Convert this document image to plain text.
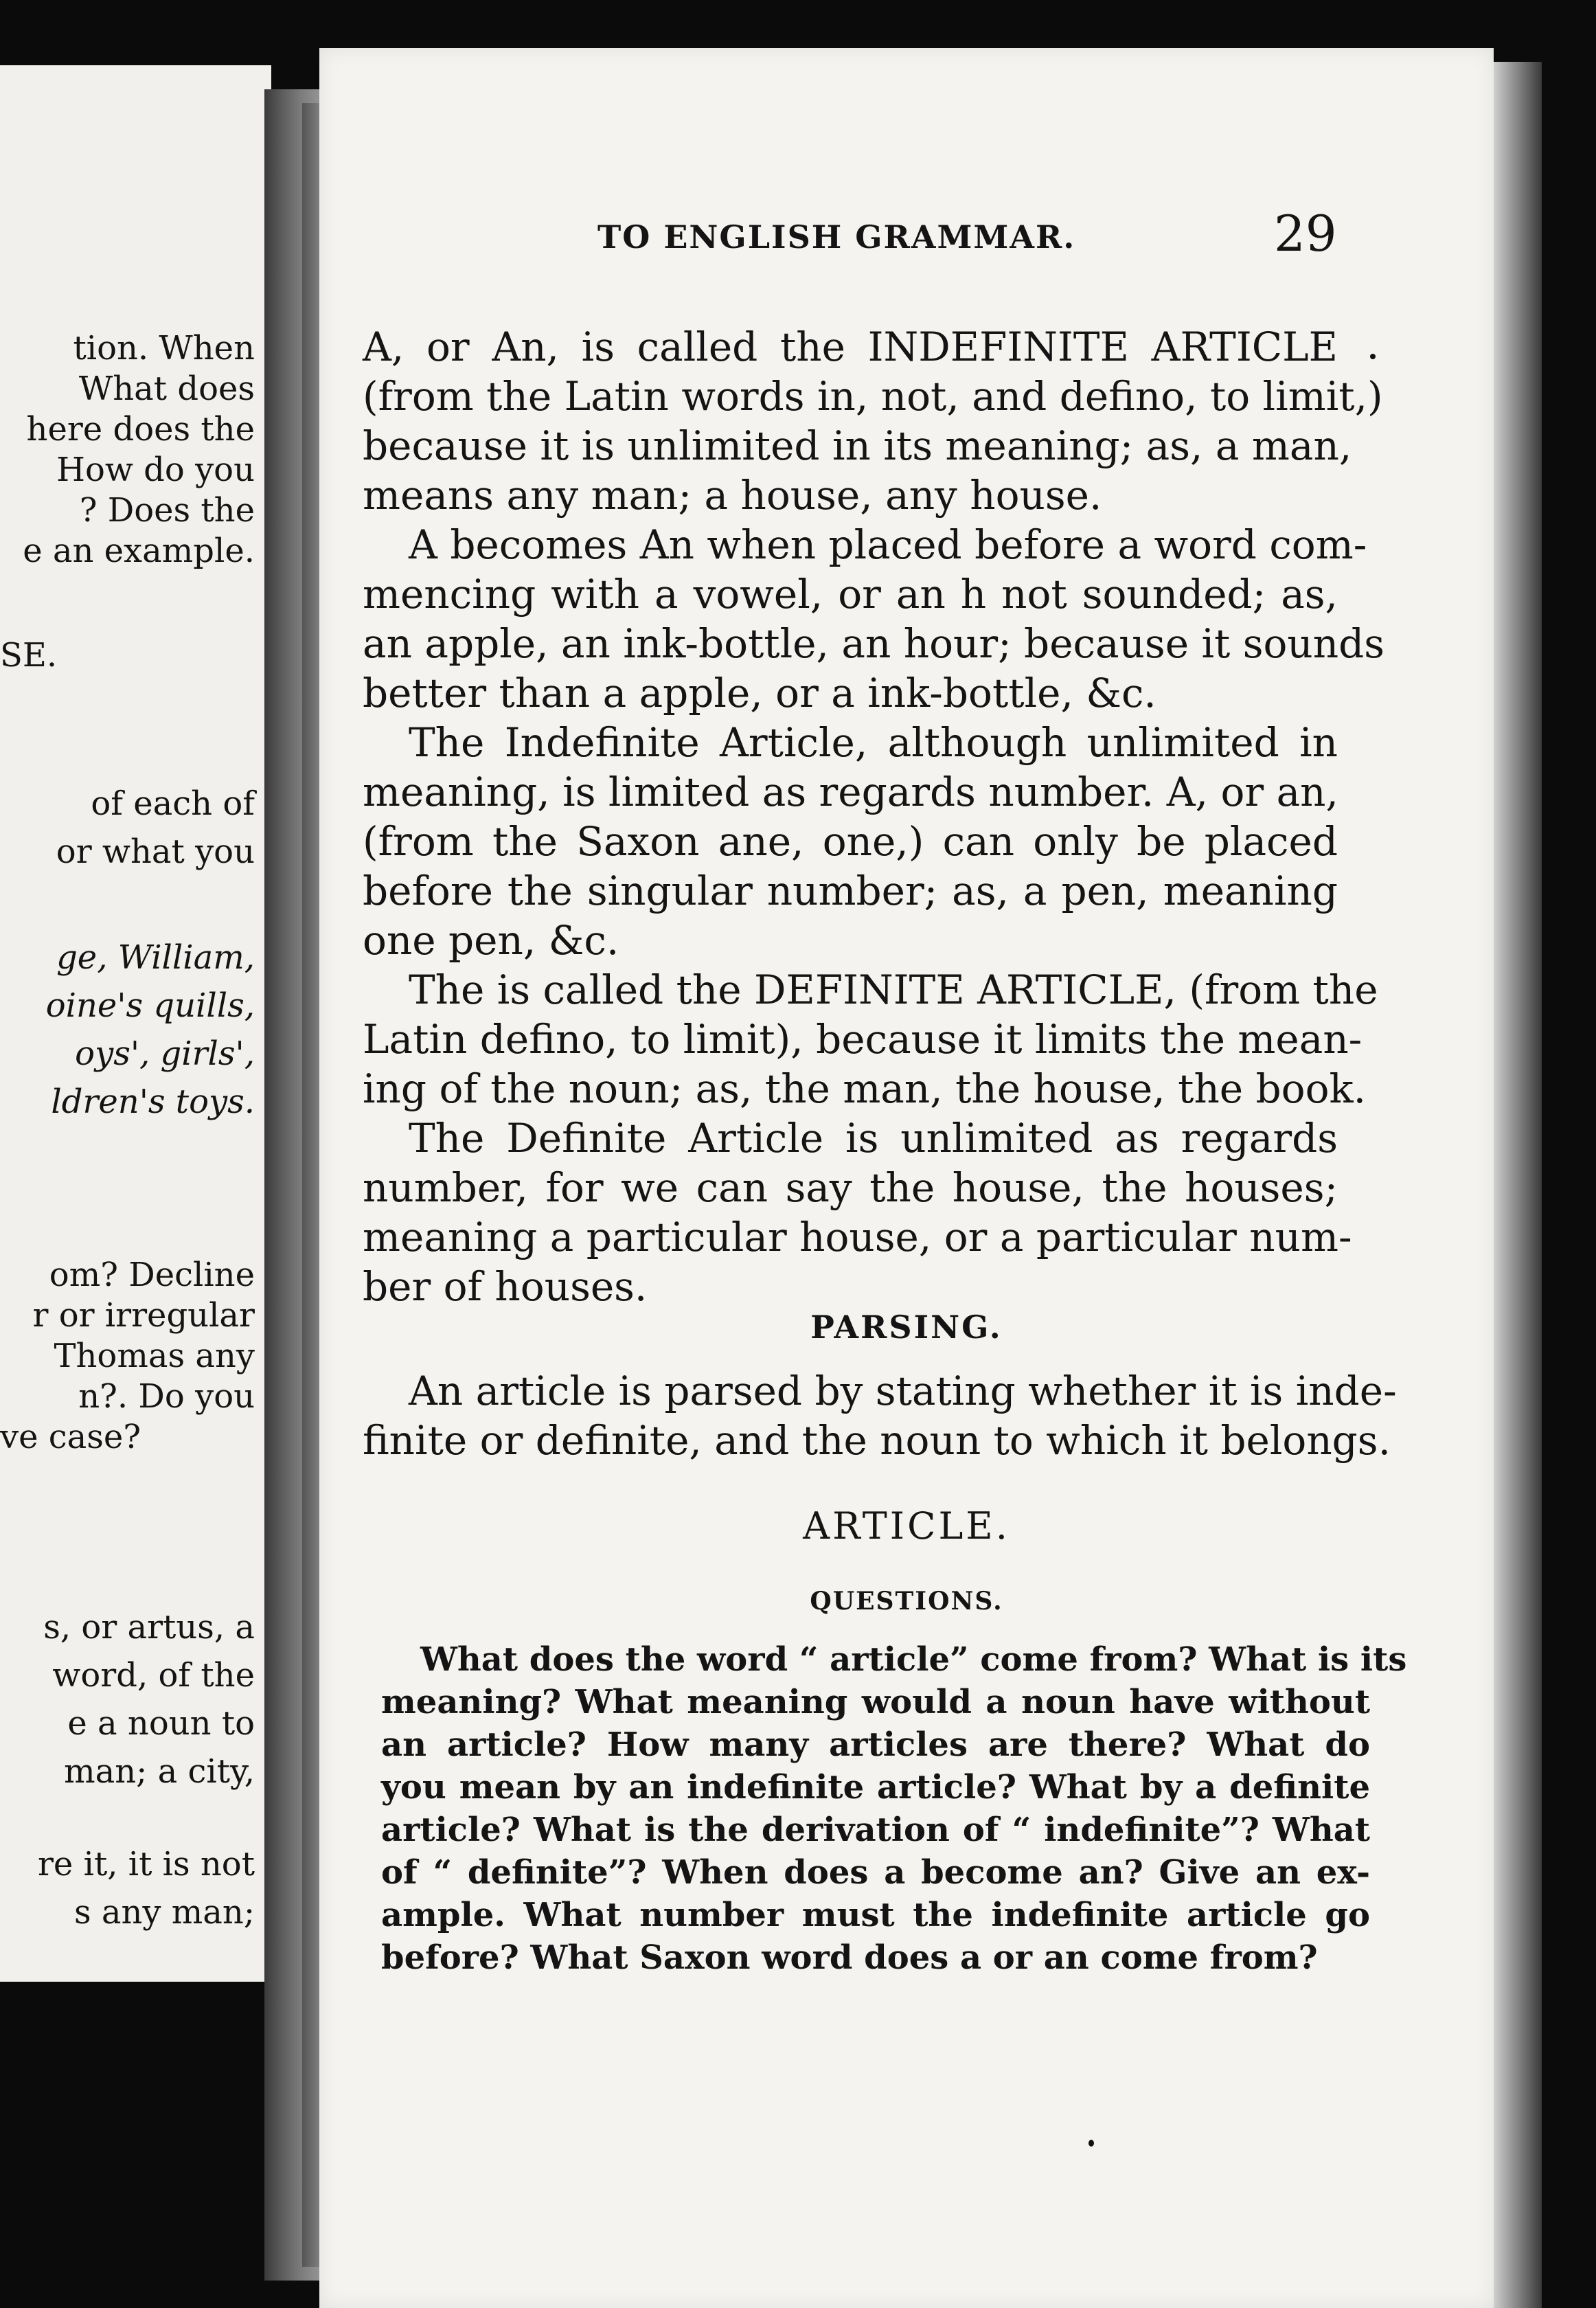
tion. When
What does
here does the
How do you
? Does the
e an example.
SE.
of each of
or what you
ge, William,
oine's quills,
oys', girls',
ldren's toys.
om? Decline
r or irregular
Thomas any
n?. Do you
ve case?
s, or artus, a
word, of the
e a noun to
man; a city,
re it, it is not
s any man;
TO ENGLISH GRAMMAR.	29
A, or An, is called the INDEFINITE ARTICLE
(from the Latin words in, not, and defino, to limit,)
because it is unlimited in its meaning; as, a man,
means any man; a house, any house.
A becomes An when placed before a word com-
mencing with a vowel, or an h not sounded; as,
an apple, an ink-bottle, an hour; because it sounds
better than a apple, or a ink-bottle, &c.
The Indefinite Article, although unlimited in
meaning, is limited as regards number. A, or an,
(from the Saxon ane, one,) can only be placed
before the singular number; as, a pen, meaning
one pen, &c.
The is called the DEFINITE ARTICLE, (from the
Latin defino, to limit), because it limits the mean-
ing of the noun; as, the man, the house, the book.
The Definite Article is unlimited as regards
number, for we can say the house, the houses;
meaning a particular house, or a particular num-
ber of houses.
PARSING.
An article is parsed by stating whether it is inde-
finite or definite, and the noun to which it belongs.
ARTICLE.
QUESTIONS.
What does the word “ article” come from? What is its
meaning? What meaning would a noun have without
an article? How many articles are there? What do
you mean by an indefinite article? What by a definite
article? What is the derivation of “ indefinite”? What
of “ definite”? When does a become an? Give an ex-
ample. What number must the indefinite article go
before? What Saxon word does a or an come from?
